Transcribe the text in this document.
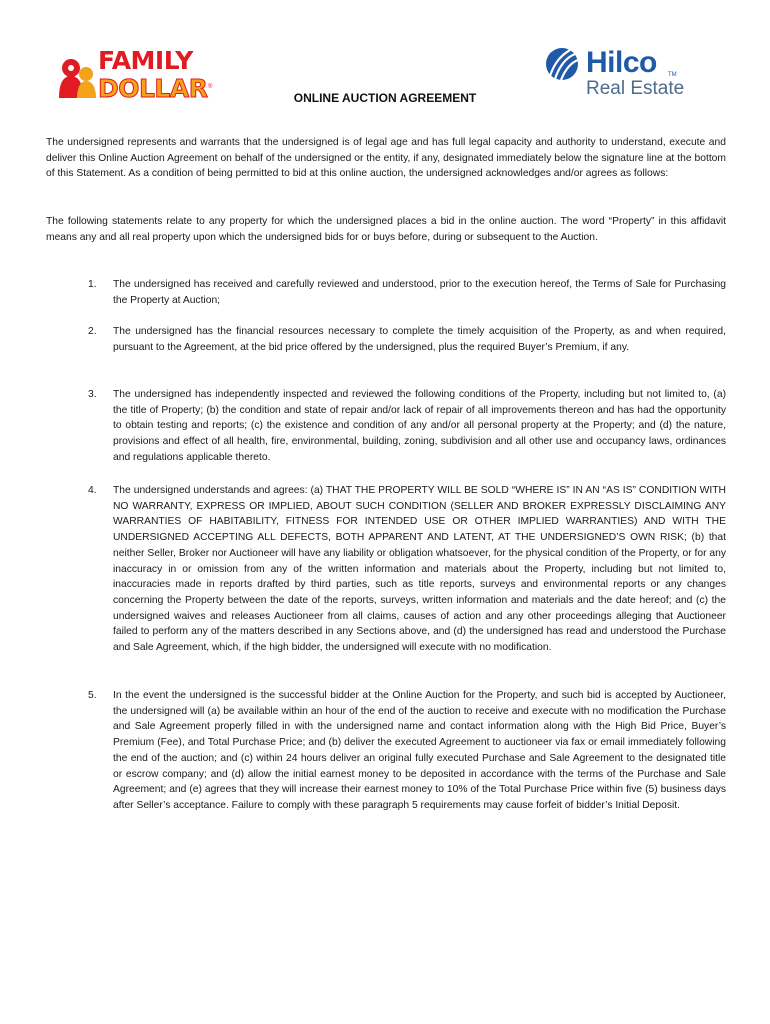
FAMILY
DOLLAR ®
Hilco TM
Real Estate
ONLINE AUCTION AGREEMENT

The undersigned represents and warrants that the undersigned is of legal age and has full legal capacity and authority to understand, execute and deliver this Online Auction Agreement on behalf of the undersigned or the entity, if any, designated immediately below the signature line at the bottom of this Statement. As a condition of being permitted to bid at this online auction, the undersigned acknowledges and/or agrees as follows:

The following statements relate to any property for which the undersigned places a bid in the online auction. The word “Property” in this affidavit means any and all real property upon which the undersigned bids for or buys before, during or subsequent to the Auction.

1. The undersigned has received and carefully reviewed and understood, prior to the execution hereof, the Terms of Sale for Purchasing the Property at Auction;

2. The undersigned has the financial resources necessary to complete the timely acquisition of the Property, as and when required, pursuant to the Agreement, at the bid price offered by the undersigned, plus the required Buyer’s Premium, if any.

3. The undersigned has independently inspected and reviewed the following conditions of the Property, including but not limited to, (a) the title of Property; (b) the condition and state of repair and/or lack of repair of all improvements thereon and has had the opportunity to obtain testing and reports; (c) the existence and condition of any and/or all personal property at the Property; and (d) the nature, provisions and effect of all health, fire, environmental, building, zoning, subdivision and all other use and occupancy laws, ordinances and regulations applicable thereto.

4. The undersigned understands and agrees: (a) THAT THE PROPERTY WILL BE SOLD “WHERE IS” IN AN “AS IS” CONDITION WITH NO WARRANTY, EXPRESS OR IMPLIED, ABOUT SUCH CONDITION (SELLER AND BROKER EXPRESSLY DISCLAIMING ANY WARRANTIES OF HABITABILITY, FITNESS FOR INTENDED USE OR OTHER IMPLIED WARRANTIES) AND WITH THE UNDERSIGNED ACCEPTING ALL DEFECTS, BOTH APPARENT AND LATENT, AT THE UNDERSIGNED’S OWN RISK; (b) that neither Seller, Broker nor Auctioneer will have any liability or obligation whatsoever, for the physical condition of the Property, or for any inaccuracy in or omission from any of the written information and materials about the Property, including but not limited to, inaccuracies made in reports drafted by third parties, such as title reports, surveys and environmental reports or any changes concerning the Property between the date of the reports, surveys, written information and materials and the date hereof; and (c) the undersigned waives and releases Auctioneer from all claims, causes of action and any other proceedings alleging that Auctioneer failed to perform any of the matters described in any Sections above, and (d) the undersigned has read and understood the Purchase and Sale Agreement, which, if the high bidder, the undersigned will execute with no modification.

5. In the event the undersigned is the successful bidder at the Online Auction for the Property, and such bid is accepted by Auctioneer, the undersigned will (a) be available within an hour of the end of the auction to receive and execute with no modification the Purchase and Sale Agreement properly filled in with the undersigned name and contact information along with the High Bid Price, Buyer’s Premium (Fee), and Total Purchase Price; and (b) deliver the executed Agreement to auctioneer via fax or email immediately following the end of the auction; and (c) within 24 hours deliver an original fully executed Purchase and Sale Agreement to the designated title or escrow company; and (d) allow the initial earnest money to be deposited in accordance with the terms of the Purchase and Sale Agreement; and (e) agrees that they will increase their earnest money to 10% of the Total Purchase Price within five (5) business days after Seller’s acceptance. Failure to comply with these paragraph 5 requirements may cause forfeit of bidder’s Initial Deposit.
